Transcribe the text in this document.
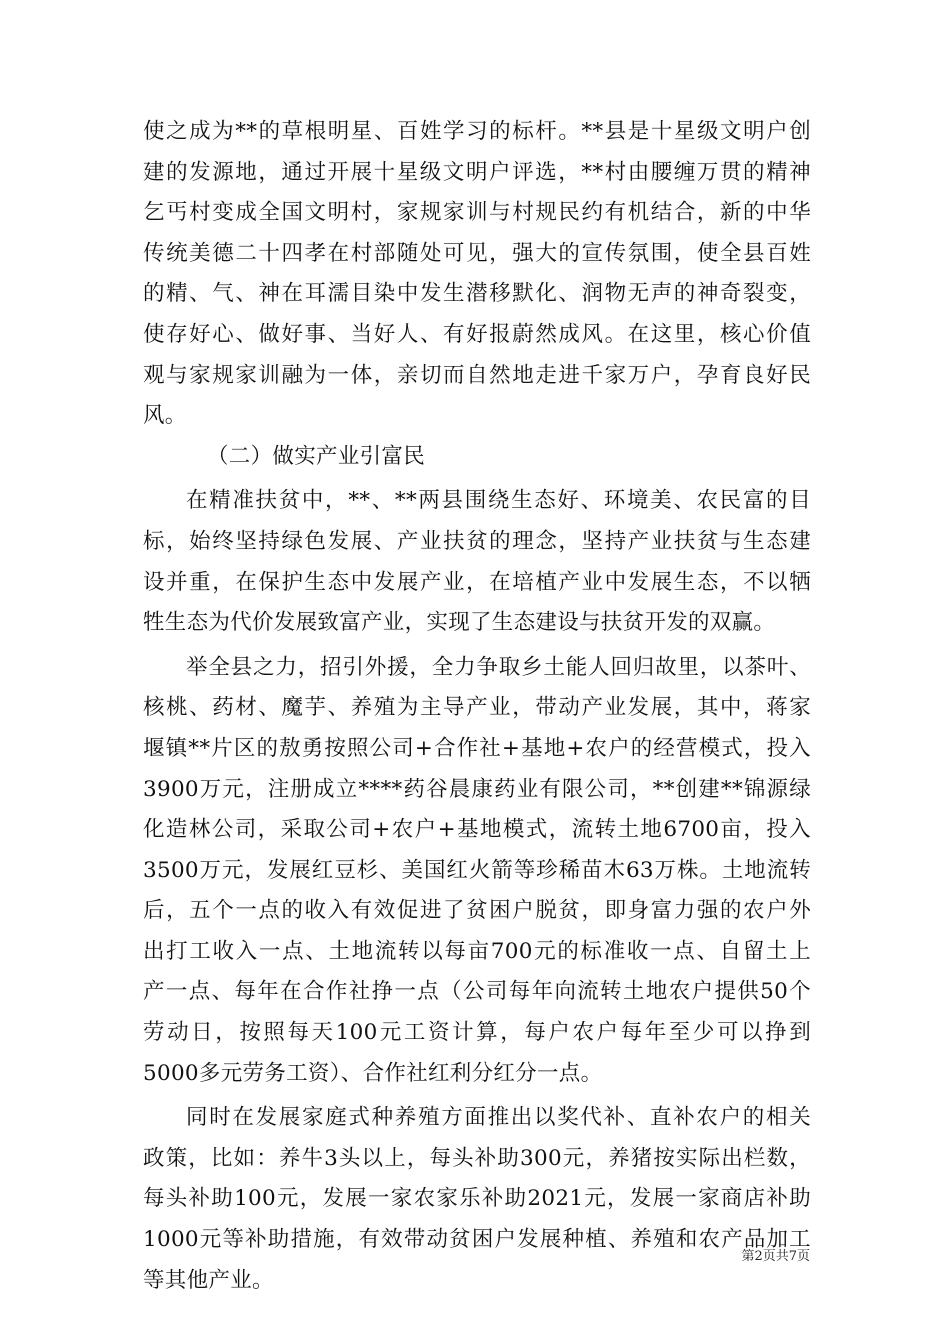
使之成为**的草根明星、百姓学习的标杆。**县是十星级文明户创
建的发源地，通过开展十星级文明户评选，**村由腰缠万贯的精神
乞丐村变成全国文明村，家规家训与村规民约有机结合，新的中华
传统美德二十四孝在村部随处可见，强大的宣传氛围，使全县百姓
的精、气、神在耳濡目染中发生潜移默化、润物无声的神奇裂变，
使存好心、做好事、当好人、有好报蔚然成风。在这里，核心价值
观与家规家训融为一体，亲切而自然地走进千家万户，孕育良好民
风。
（二）做实产业引富民
在精准扶贫中，**、**两县围绕生态好、环境美、农民富的目
标，始终坚持绿色发展、产业扶贫的理念，坚持产业扶贫与生态建
设并重，在保护生态中发展产业，在培植产业中发展生态，不以牺
牲生态为代价发展致富产业，实现了生态建设与扶贫开发的双赢。
举全县之力，招引外援，全力争取乡土能人回归故里，以茶叶、
核桃、药材、魔芋、养殖为主导产业，带动产业发展，其中，蒋家
堰镇**片区的敖勇按照公司+合作社+基地+农户的经营模式，投入
3900万元，注册成立****药谷晨康药业有限公司，**创建**锦源绿
化造林公司，采取公司+农户+基地模式，流转土地6700亩，投入
3500万元，发展红豆杉、美国红火箭等珍稀苗木63万株。土地流转
后，五个一点的收入有效促进了贫困户脱贫，即身富力强的农户外
出打工收入一点、土地流转以每亩700元的标准收一点、自留土上
产一点、每年在合作社挣一点（公司每年向流转土地农户提供50个
劳动日，按照每天100元工资计算，每户农户每年至少可以挣到
5000多元劳务工资）、合作社红利分红分一点。
同时在发展家庭式种养殖方面推出以奖代补、直补农户的相关
政策，比如：养牛3头以上，每头补助300元，养猪按实际出栏数，
每头补助100元，发展一家农家乐补助2021元，发展一家商店补助
1000元等补助措施，有效带动贫困户发展种植、养殖和农产品加工
等其他产业。
第2页共7页
